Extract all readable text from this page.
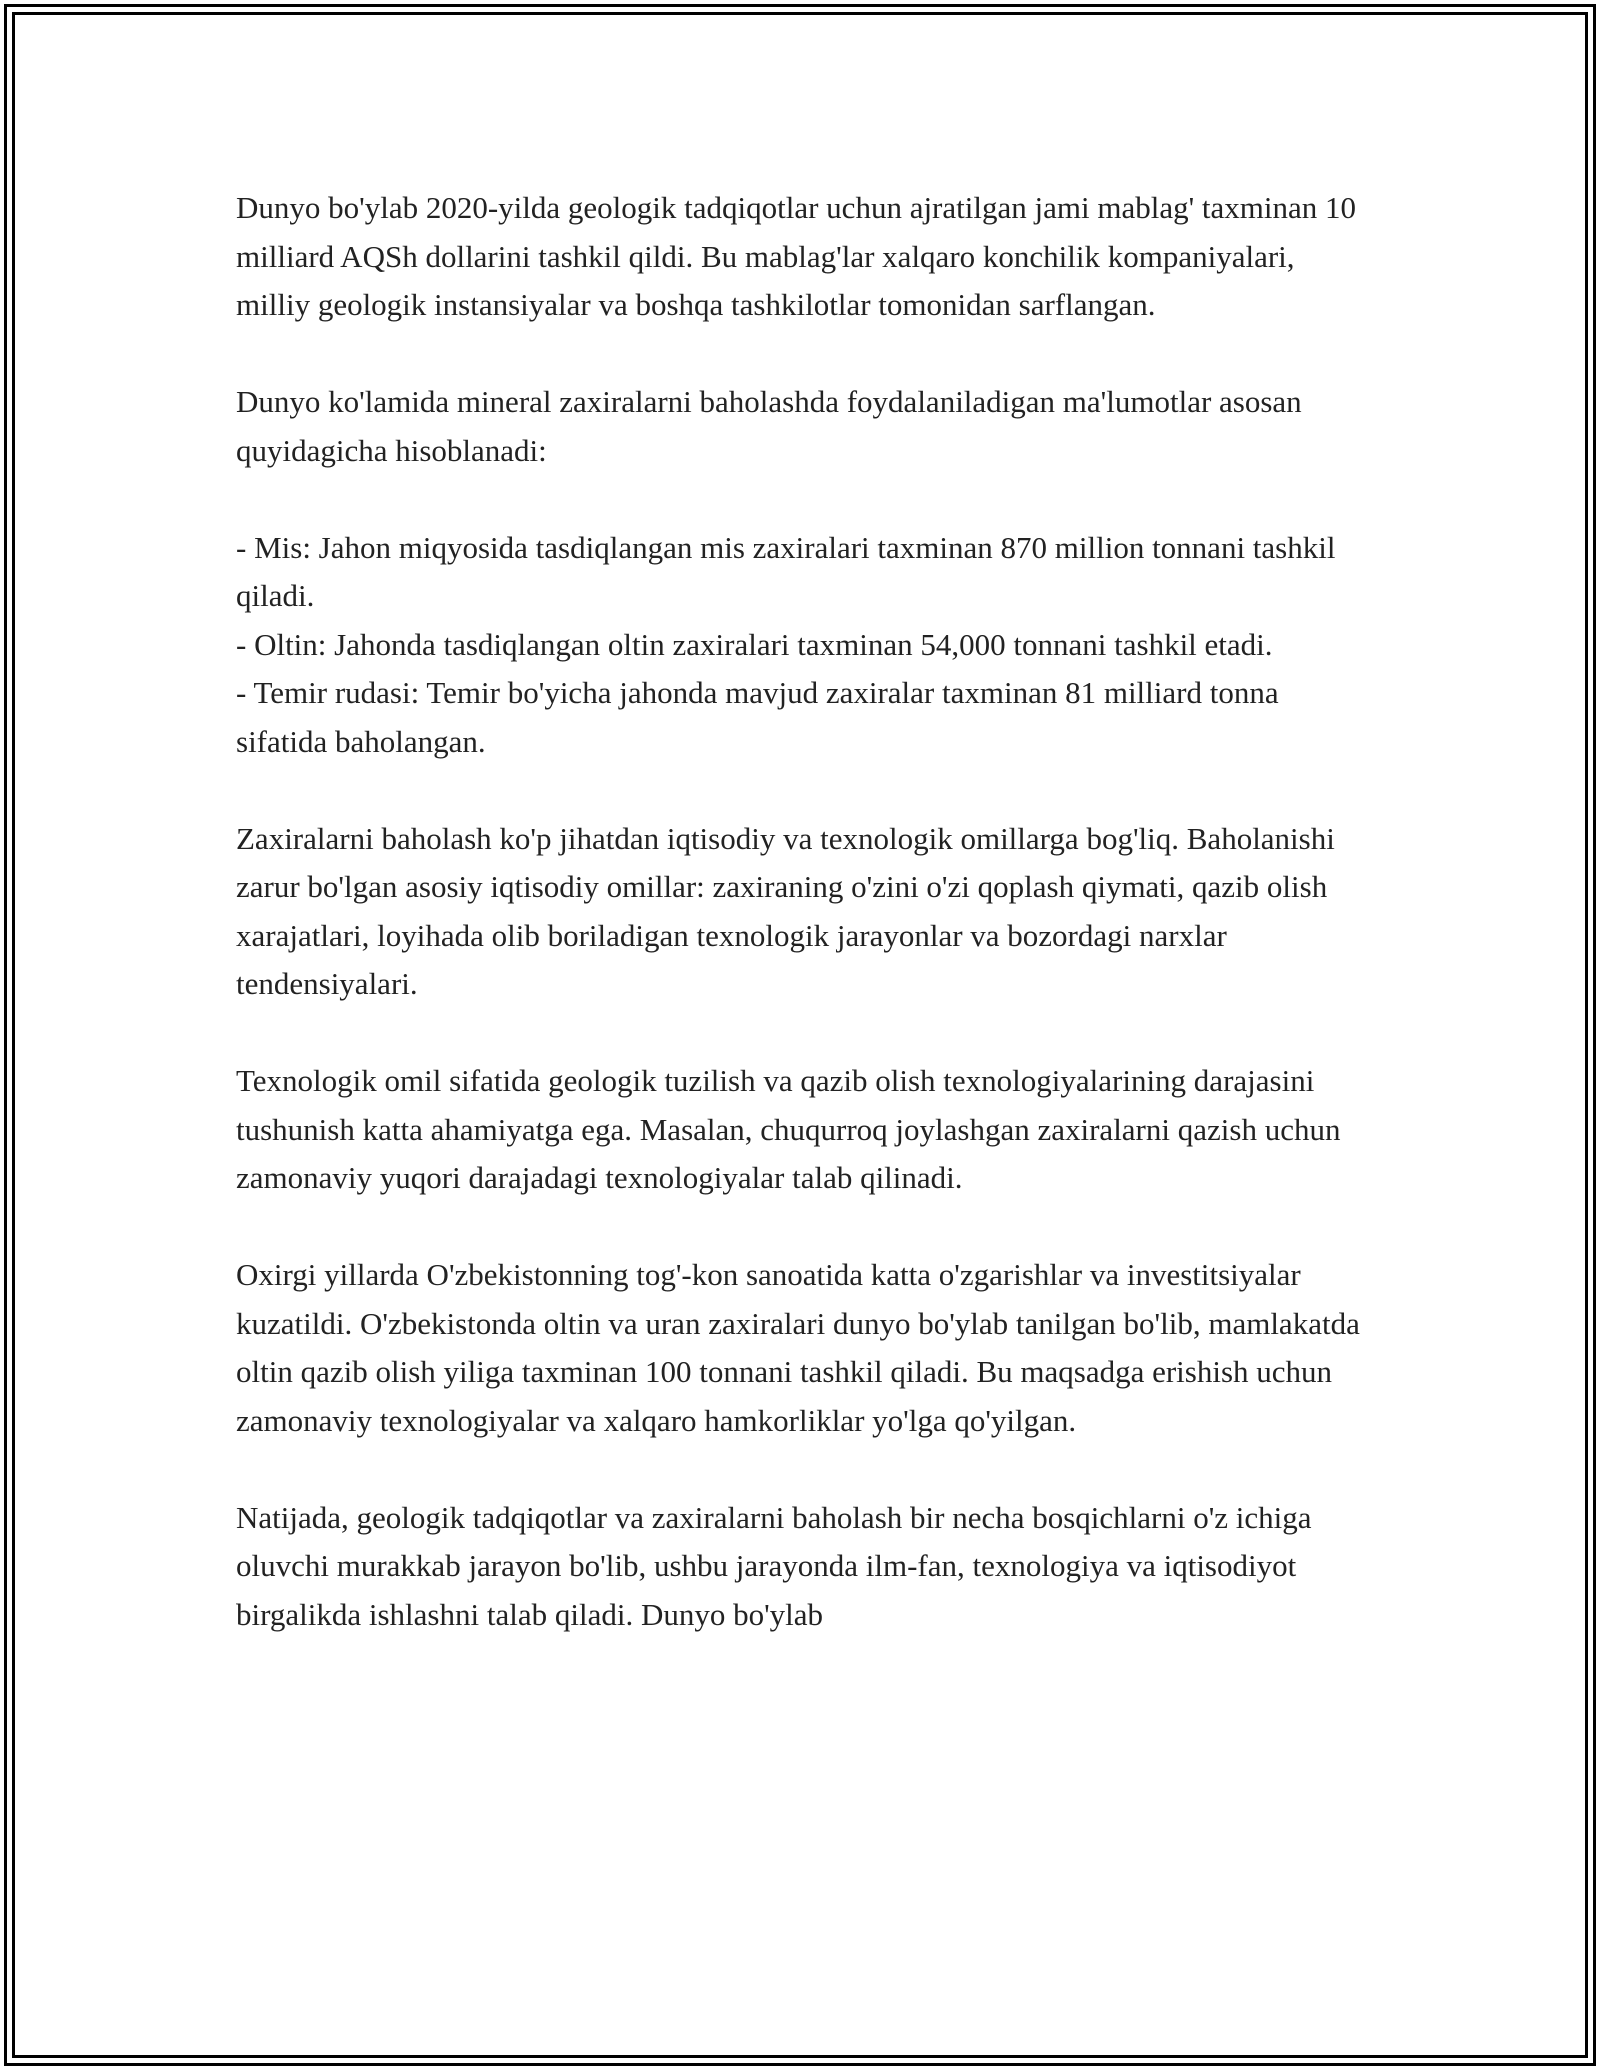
Dunyo bo'ylab 2020-yilda geologik tadqiqotlar uchun ajratilgan jami mablag' taxminan 10 milliard AQSh dollarini tashkil qildi. Bu mablag'lar xalqaro konchilik kompaniyalari, milliy geologik instansiyalar va boshqa tashkilotlar tomonidan sarflangan.

Dunyo ko'lamida mineral zaxiralarni baholashda foydalaniladigan ma'lumotlar asosan quyidagicha hisoblanadi:

- Mis: Jahon miqyosida tasdiqlangan mis zaxiralari taxminan 870 million tonnani tashkil qiladi.
- Oltin: Jahonda tasdiqlangan oltin zaxiralari taxminan 54,000 tonnani tashkil etadi.
- Temir rudasi: Temir bo'yicha jahonda mavjud zaxiralar taxminan 81 milliard tonna sifatida baholangan.

Zaxiralarni baholash ko'p jihatdan iqtisodiy va texnologik omillarga bog'liq. Baholanishi zarur bo'lgan asosiy iqtisodiy omillar: zaxiraning o'zini o'zi qoplash qiymati, qazib olish xarajatlari, loyihada olib boriladigan texnologik jarayonlar va bozordagi narxlar tendensiyalari.

Texnologik omil sifatida geologik tuzilish va qazib olish texnologiyalarining darajasini tushunish katta ahamiyatga ega. Masalan, chuqurroq joylashgan zaxiralarni qazish uchun zamonaviy yuqori darajadagi texnologiyalar talab qilinadi.

Oxirgi yillarda O'zbekistonning tog'-kon sanoatida katta o'zgarishlar va investitsiyalar kuzatildi. O'zbekistonda oltin va uran zaxiralari dunyo bo'ylab tanilgan bo'lib, mamlakatda oltin qazib olish yiliga taxminan 100 tonnani tashkil qiladi. Bu maqsadga erishish uchun zamonaviy texnologiyalar va xalqaro hamkorliklar yo'lga qo'yilgan.

Natijada, geologik tadqiqotlar va zaxiralarni baholash bir necha bosqichlarni o'z ichiga oluvchi murakkab jarayon bo'lib, ushbu jarayonda ilm-fan, texnologiya va iqtisodiyot birgalikda ishlashni talab qiladi. Dunyo bo'ylab
